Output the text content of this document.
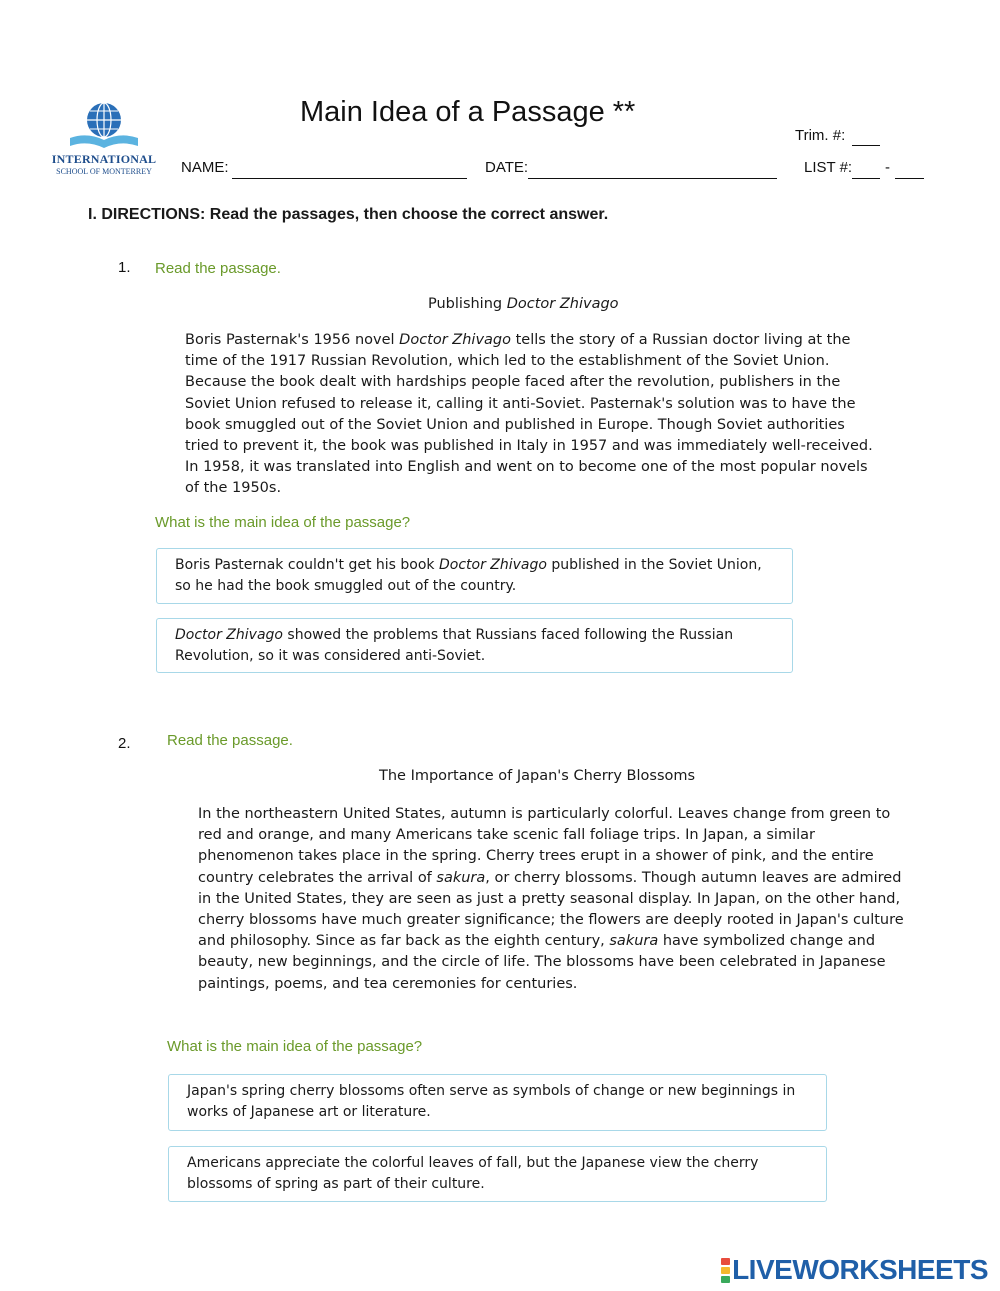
INTERNATIONAL
SCHOOL OF MONTERREY
Main Idea of a Passage **
Trim. #:
NAME:	DATE:	LIST #: -
I. DIRECTIONS: Read the passages, then choose the correct answer.
1. Read the passage.
Publishing Doctor Zhivago
Boris Pasternak's 1956 novel Doctor Zhivago tells the story of a Russian doctor living at the time of the 1917 Russian Revolution, which led to the establishment of the Soviet Union. Because the book dealt with hardships people faced after the revolution, publishers in the Soviet Union refused to release it, calling it anti-Soviet. Pasternak's solution was to have the book smuggled out of the Soviet Union and published in Europe. Though Soviet authorities tried to prevent it, the book was published in Italy in 1957 and was immediately well-received. In 1958, it was translated into English and went on to become one of the most popular novels of the 1950s.
What is the main idea of the passage?
Boris Pasternak couldn't get his book Doctor Zhivago published in the Soviet Union, so he had the book smuggled out of the country.
Doctor Zhivago showed the problems that Russians faced following the Russian Revolution, so it was considered anti-Soviet.
2. Read the passage.
The Importance of Japan's Cherry Blossoms
In the northeastern United States, autumn is particularly colorful. Leaves change from green to red and orange, and many Americans take scenic fall foliage trips. In Japan, a similar phenomenon takes place in the spring. Cherry trees erupt in a shower of pink, and the entire country celebrates the arrival of sakura, or cherry blossoms. Though autumn leaves are admired in the United States, they are seen as just a pretty seasonal display. In Japan, on the other hand, cherry blossoms have much greater significance; the flowers are deeply rooted in Japan's culture and philosophy. Since as far back as the eighth century, sakura have symbolized change and beauty, new beginnings, and the circle of life. The blossoms have been celebrated in Japanese paintings, poems, and tea ceremonies for centuries.
What is the main idea of the passage?
Japan's spring cherry blossoms often serve as symbols of change or new beginnings in works of Japanese art or literature.
Americans appreciate the colorful leaves of fall, but the Japanese view the cherry blossoms of spring as part of their culture.
LIVEWORKSHEETS
